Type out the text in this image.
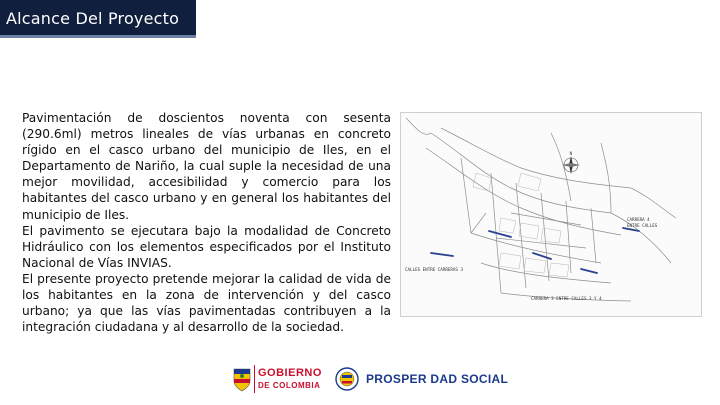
Alcance Del Proyecto

Pavimentación de doscientos noventa con sesenta (290.6ml) metros lineales de vías urbanas en concreto rígido en el casco urbano del municipio de Iles, en el Departamento de Nariño, la cual suple la necesidad de una mejor movilidad, accesibilidad y comercio para los habitantes del casco urbano y en general los habitantes del municipio de Iles.

El pavimento se ejecutara bajo la modalidad de Concreto Hidráulico con los elementos especificados por el Instituto Nacional de Vías INVIAS.

El presente proyecto pretende mejorar la calidad de vida de los habitantes en la zona de intervención y del casco urbano; ya que las vías pavimentadas contribuyen a la integración ciudadana y al desarrollo de la sociedad.

N
CARRERA 4
ENTRE CALLES
CALLES ENTRE CARRERAS 3
CARRERA 3 ENTRE CALLES 3 Y 4
GOBIERNO
DE COLOMBIA	PROSPER DAD SOCIAL
